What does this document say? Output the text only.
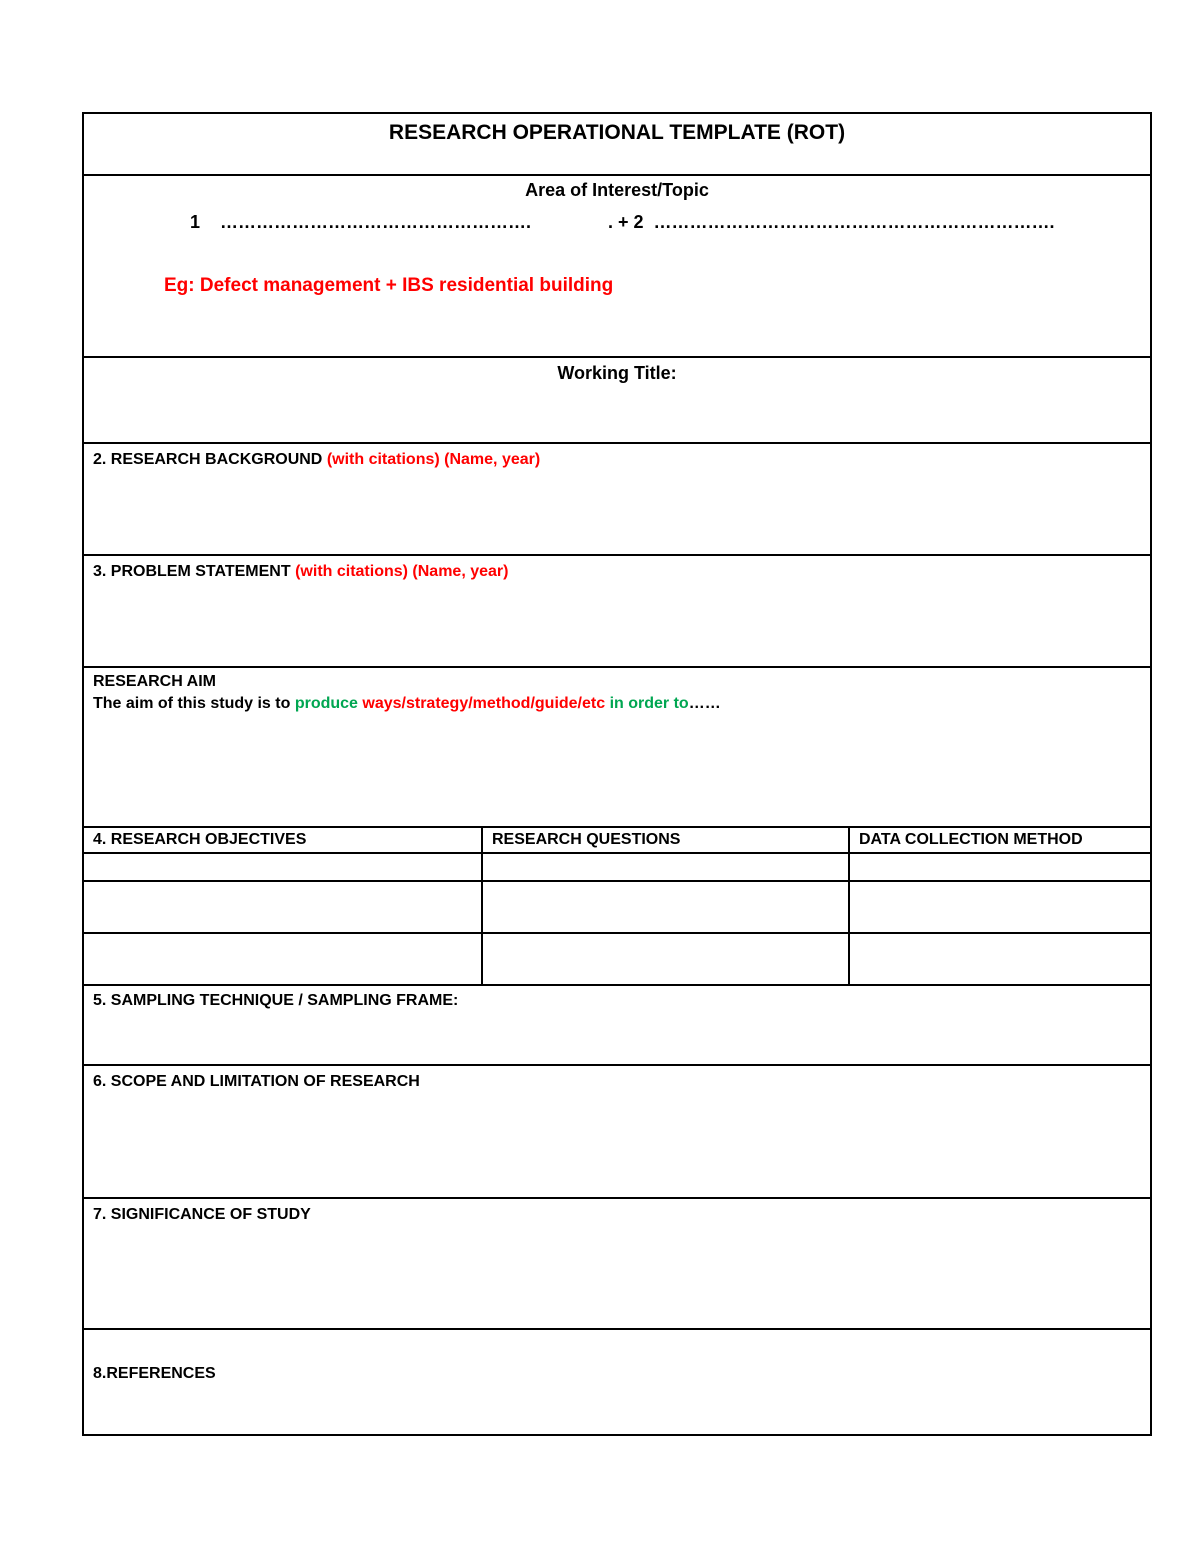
RESEARCH OPERATIONAL TEMPLATE (ROT)
Area of Interest/Topic
1 …………………………………………….	. + 2 ………………………………………………………….
Eg: Defect management + IBS residential building
Working Title:
2. RESEARCH BACKGROUND (with citations) (Name, year)
3. PROBLEM STATEMENT (with citations) (Name, year)
RESEARCH AIM
The aim of this study is to produce ways/strategy/method/guide/etc in order to……
4. RESEARCH OBJECTIVES	RESEARCH QUESTIONS	DATA COLLECTION METHOD
5. SAMPLING TECHNIQUE / SAMPLING FRAME:
6. SCOPE AND LIMITATION OF RESEARCH
7. SIGNIFICANCE OF STUDY
8.REFERENCES
